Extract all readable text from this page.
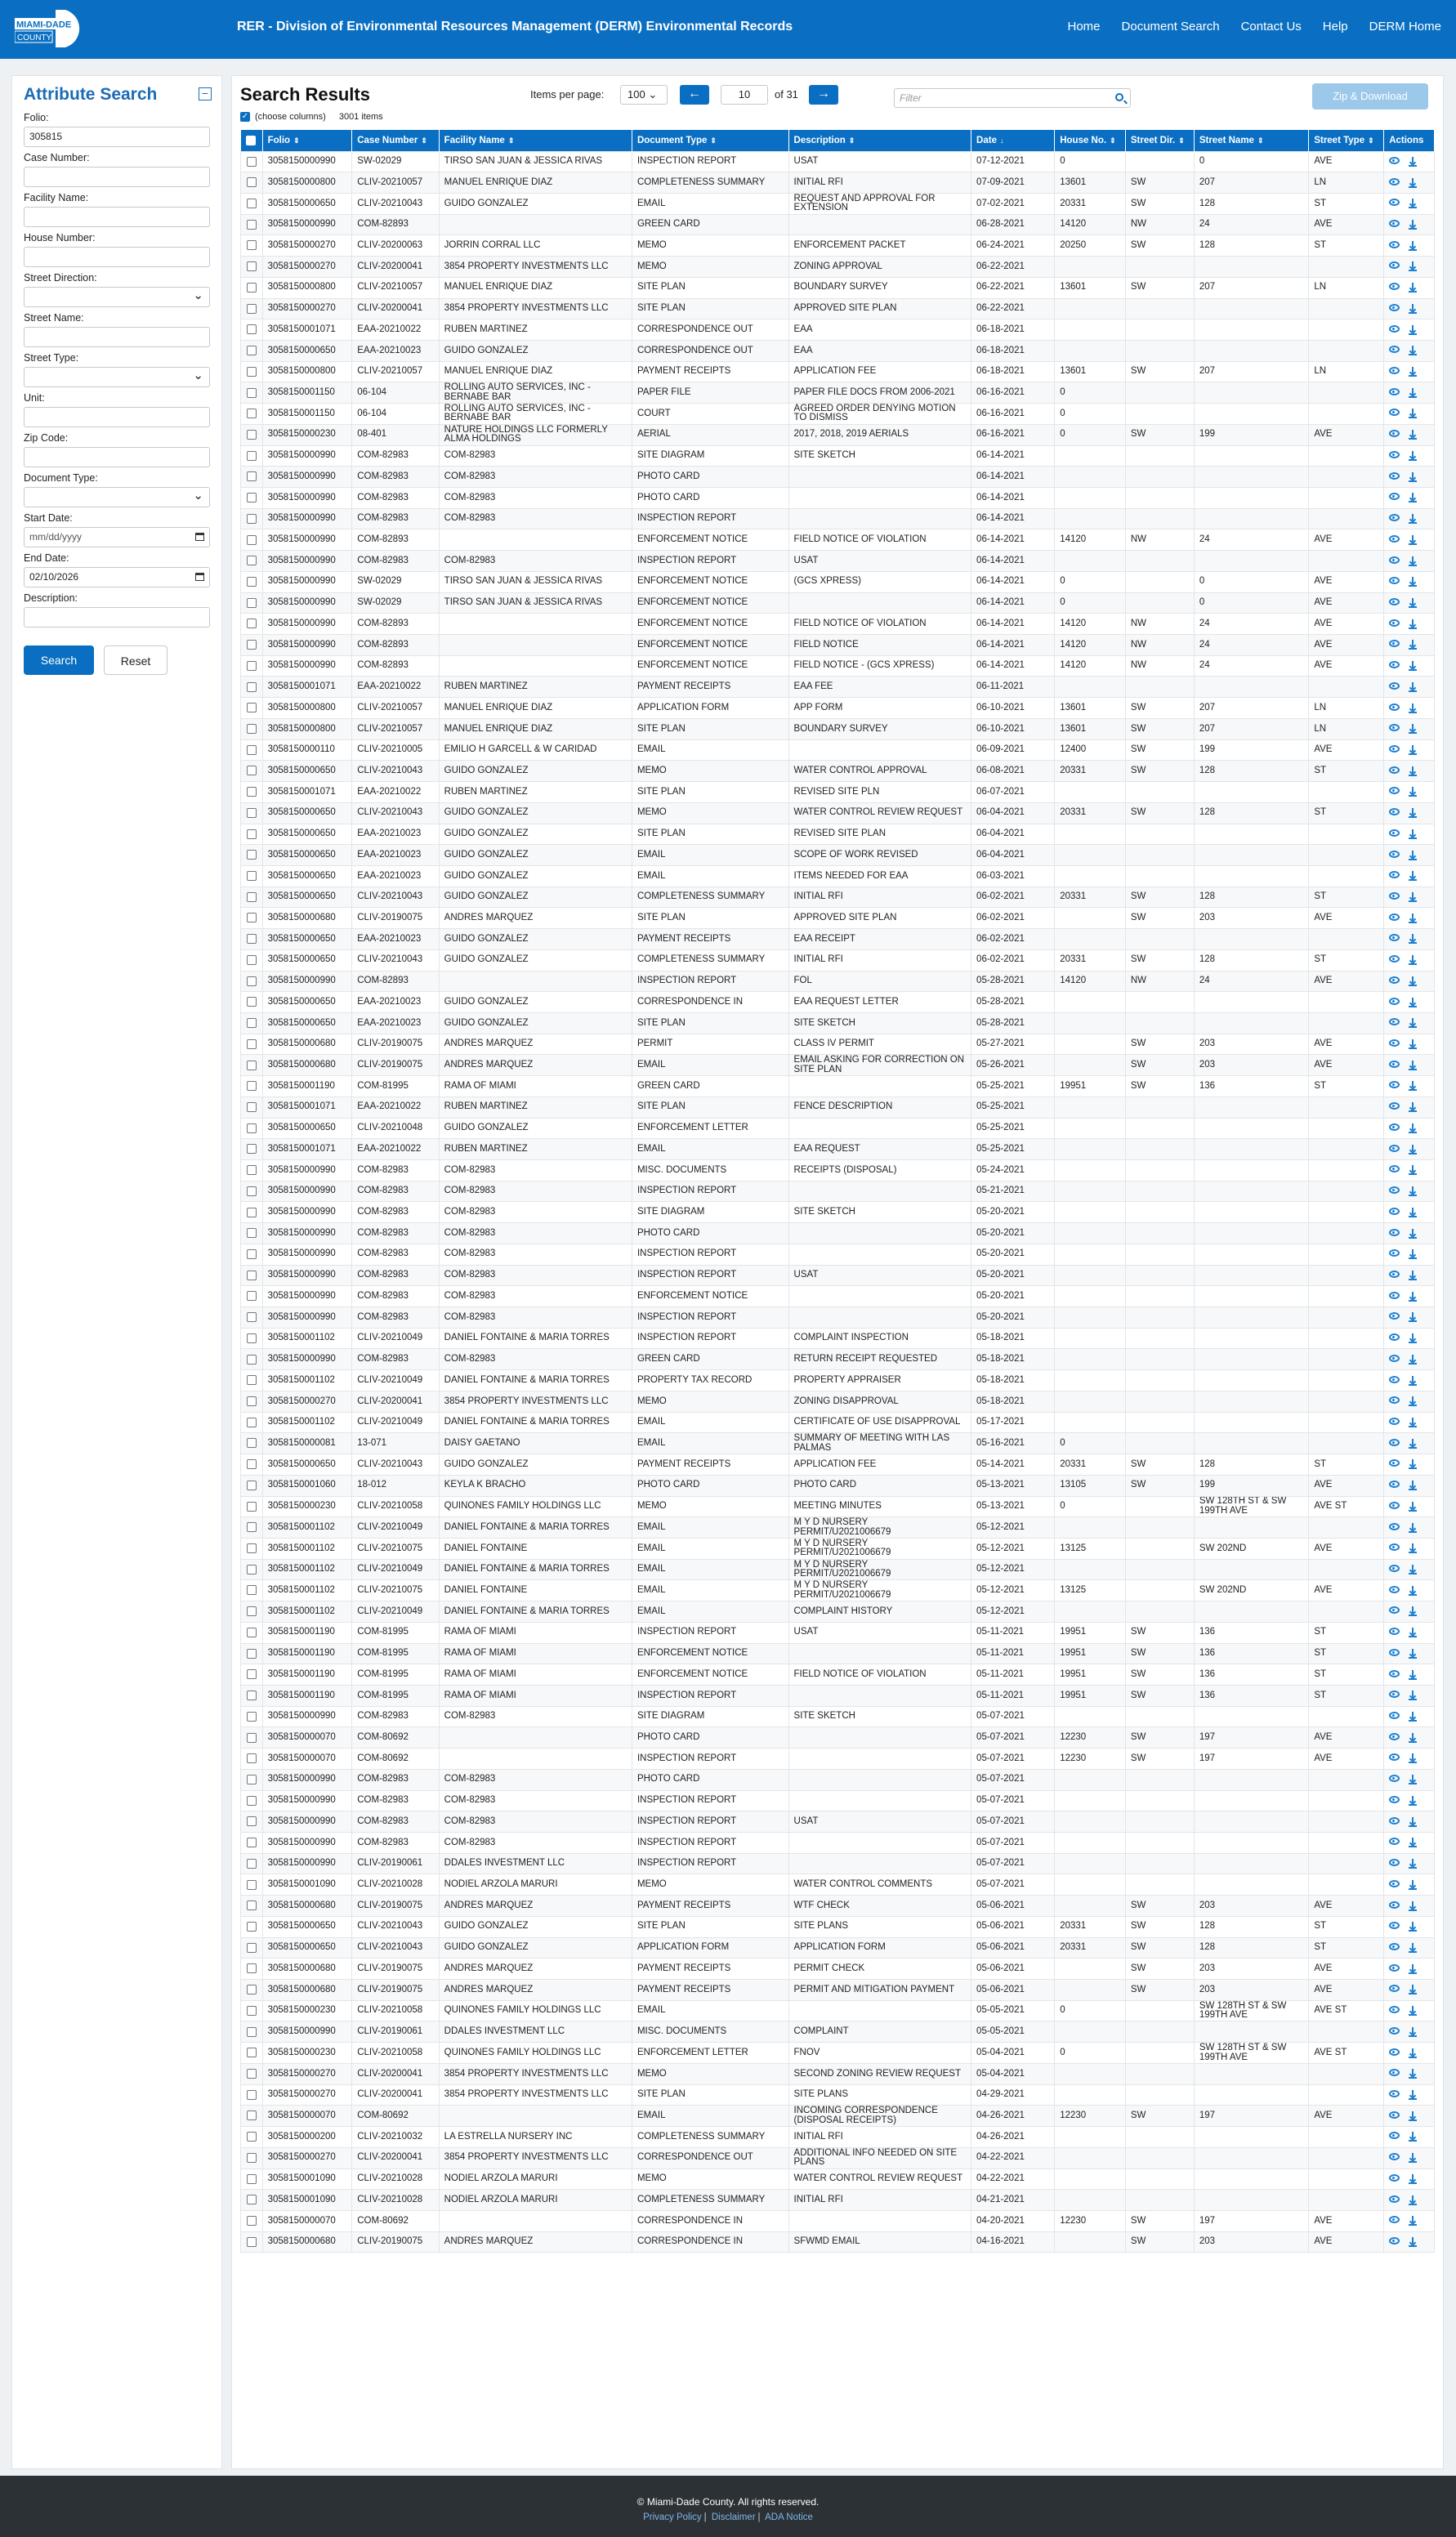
MIAMI-DADE
COUNTY
RER - Division of Environmental Resources Management (DERM) Environmental Records	Home Document Search Contact Us Help DERM Home
Attribute Search	−
Folio:
305815
Case Number:
Facility Name:
House Number:
Street Direction:
⌄
Street Name:
Street Type:
⌄
Unit:
Zip Code:
Document Type:
⌄
Start Date:
mm/dd/yyyy
End Date:
02/10/2026
Description:
Search	Reset
Search Results
✓ (choose columns) 3001 items
Items per page:	100 ⌄	←	10	of 31	→	Filter	Zip & Download
	Folio ⇕	Case Number ⇕	Facility Name ⇕	Document Type ⇕	Description ⇕	Date ↓	House No. ⇕	Street Dir. ⇕	Street Name ⇕	Street Type ⇕	Actions
	3058150000990	SW-02029	TIRSO SAN JUAN & JESSICA RIVAS	INSPECTION REPORT	USAT	07-12-2021	0		0	AVE	

	3058150000800	CLIV-20210057	MANUEL ENRIQUE DIAZ	COMPLETENESS SUMMARY	INITIAL RFI	07-09-2021	13601	SW	207	LN	

	3058150000650	CLIV-20210043	GUIDO GONZALEZ	EMAIL	REQUEST AND APPROVAL FOR EXTENSION	07-02-2021	20331	SW	128	ST	

	3058150000990	COM-82893		GREEN CARD		06-28-2021	14120	NW	24	AVE	

	3058150000270	CLIV-20200063	JORRIN CORRAL LLC	MEMO	ENFORCEMENT PACKET	06-24-2021	20250	SW	128	ST	

	3058150000270	CLIV-20200041	3854 PROPERTY INVESTMENTS LLC	MEMO	ZONING APPROVAL	06-22-2021					

	3058150000800	CLIV-20210057	MANUEL ENRIQUE DIAZ	SITE PLAN	BOUNDARY SURVEY	06-22-2021	13601	SW	207	LN	

	3058150000270	CLIV-20200041	3854 PROPERTY INVESTMENTS LLC	SITE PLAN	APPROVED SITE PLAN	06-22-2021					

	3058150001071	EAA-20210022	RUBEN MARTINEZ	CORRESPONDENCE OUT	EAA	06-18-2021					

	3058150000650	EAA-20210023	GUIDO GONZALEZ	CORRESPONDENCE OUT	EAA	06-18-2021					

	3058150000800	CLIV-20210057	MANUEL ENRIQUE DIAZ	PAYMENT RECEIPTS	APPLICATION FEE	06-18-2021	13601	SW	207	LN	

	3058150001150	06-104	ROLLING AUTO SERVICES, INC - BERNABE BAR	PAPER FILE	PAPER FILE DOCS FROM 2006-2021	06-16-2021	0				

	3058150001150	06-104	ROLLING AUTO SERVICES, INC - BERNABE BAR	COURT	AGREED ORDER DENYING MOTION TO DISMISS	06-16-2021	0				

	3058150000230	08-401	NATURE HOLDINGS LLC FORMERLY ALMA HOLDINGS	AERIAL	2017, 2018, 2019 AERIALS	06-16-2021	0	SW	199	AVE	

	3058150000990	COM-82983	COM-82983	SITE DIAGRAM	SITE SKETCH	06-14-2021					

	3058150000990	COM-82983	COM-82983	PHOTO CARD		06-14-2021					

	3058150000990	COM-82983	COM-82983	PHOTO CARD		06-14-2021					

	3058150000990	COM-82983	COM-82983	INSPECTION REPORT		06-14-2021					

	3058150000990	COM-82893		ENFORCEMENT NOTICE	FIELD NOTICE OF VIOLATION	06-14-2021	14120	NW	24	AVE	

	3058150000990	COM-82983	COM-82983	INSPECTION REPORT	USAT	06-14-2021					

	3058150000990	SW-02029	TIRSO SAN JUAN & JESSICA RIVAS	ENFORCEMENT NOTICE	(GCS XPRESS)	06-14-2021	0		0	AVE	

	3058150000990	SW-02029	TIRSO SAN JUAN & JESSICA RIVAS	ENFORCEMENT NOTICE		06-14-2021	0		0	AVE	

	3058150000990	COM-82893		ENFORCEMENT NOTICE	FIELD NOTICE OF VIOLATION	06-14-2021	14120	NW	24	AVE	

	3058150000990	COM-82893		ENFORCEMENT NOTICE	FIELD NOTICE	06-14-2021	14120	NW	24	AVE	

	3058150000990	COM-82893		ENFORCEMENT NOTICE	FIELD NOTICE - (GCS XPRESS)	06-14-2021	14120	NW	24	AVE	

	3058150001071	EAA-20210022	RUBEN MARTINEZ	PAYMENT RECEIPTS	EAA FEE	06-11-2021					

	3058150000800	CLIV-20210057	MANUEL ENRIQUE DIAZ	APPLICATION FORM	APP FORM	06-10-2021	13601	SW	207	LN	

	3058150000800	CLIV-20210057	MANUEL ENRIQUE DIAZ	SITE PLAN	BOUNDARY SURVEY	06-10-2021	13601	SW	207	LN	

	3058150000110	CLIV-20210005	EMILIO H GARCELL & W CARIDAD	EMAIL		06-09-2021	12400	SW	199	AVE	

	3058150000650	CLIV-20210043	GUIDO GONZALEZ	MEMO	WATER CONTROL APPROVAL	06-08-2021	20331	SW	128	ST	

	3058150001071	EAA-20210022	RUBEN MARTINEZ	SITE PLAN	REVISED SITE PLN	06-07-2021					

	3058150000650	CLIV-20210043	GUIDO GONZALEZ	MEMO	WATER CONTROL REVIEW REQUEST	06-04-2021	20331	SW	128	ST	

	3058150000650	EAA-20210023	GUIDO GONZALEZ	SITE PLAN	REVISED SITE PLAN	06-04-2021					

	3058150000650	EAA-20210023	GUIDO GONZALEZ	EMAIL	SCOPE OF WORK REVISED	06-04-2021					

	3058150000650	EAA-20210023	GUIDO GONZALEZ	EMAIL	ITEMS NEEDED FOR EAA	06-03-2021					

	3058150000650	CLIV-20210043	GUIDO GONZALEZ	COMPLETENESS SUMMARY	INITIAL RFI	06-02-2021	20331	SW	128	ST	

	3058150000680	CLIV-20190075	ANDRES MARQUEZ	SITE PLAN	APPROVED SITE PLAN	06-02-2021		SW	203	AVE	

	3058150000650	EAA-20210023	GUIDO GONZALEZ	PAYMENT RECEIPTS	EAA RECEIPT	06-02-2021					

	3058150000650	CLIV-20210043	GUIDO GONZALEZ	COMPLETENESS SUMMARY	INITIAL RFI	06-02-2021	20331	SW	128	ST	

	3058150000990	COM-82893		INSPECTION REPORT	FOL	05-28-2021	14120	NW	24	AVE	

	3058150000650	EAA-20210023	GUIDO GONZALEZ	CORRESPONDENCE IN	EAA REQUEST LETTER	05-28-2021					

	3058150000650	EAA-20210023	GUIDO GONZALEZ	SITE PLAN	SITE SKETCH	05-28-2021					

	3058150000680	CLIV-20190075	ANDRES MARQUEZ	PERMIT	CLASS IV PERMIT	05-27-2021		SW	203	AVE	

	3058150000680	CLIV-20190075	ANDRES MARQUEZ	EMAIL	EMAIL ASKING FOR CORRECTION ON SITE PLAN	05-26-2021		SW	203	AVE	

	3058150001190	COM-81995	RAMA OF MIAMI	GREEN CARD		05-25-2021	19951	SW	136	ST	

	3058150001071	EAA-20210022	RUBEN MARTINEZ	SITE PLAN	FENCE DESCRIPTION	05-25-2021					

	3058150000650	CLIV-20210048	GUIDO GONZALEZ	ENFORCEMENT LETTER		05-25-2021					

	3058150001071	EAA-20210022	RUBEN MARTINEZ	EMAIL	EAA REQUEST	05-25-2021					

	3058150000990	COM-82983	COM-82983	MISC. DOCUMENTS	RECEIPTS (DISPOSAL)	05-24-2021					

	3058150000990	COM-82983	COM-82983	INSPECTION REPORT		05-21-2021					

	3058150000990	COM-82983	COM-82983	SITE DIAGRAM	SITE SKETCH	05-20-2021					

	3058150000990	COM-82983	COM-82983	PHOTO CARD		05-20-2021					

	3058150000990	COM-82983	COM-82983	INSPECTION REPORT		05-20-2021					

	3058150000990	COM-82983	COM-82983	INSPECTION REPORT	USAT	05-20-2021					

	3058150000990	COM-82983	COM-82983	ENFORCEMENT NOTICE		05-20-2021					

	3058150000990	COM-82983	COM-82983	INSPECTION REPORT		05-20-2021					

	3058150001102	CLIV-20210049	DANIEL FONTAINE & MARIA TORRES	INSPECTION REPORT	COMPLAINT INSPECTION	05-18-2021					

	3058150000990	COM-82983	COM-82983	GREEN CARD	RETURN RECEIPT REQUESTED	05-18-2021					

	3058150001102	CLIV-20210049	DANIEL FONTAINE & MARIA TORRES	PROPERTY TAX RECORD	PROPERTY APPRAISER	05-18-2021					

	3058150000270	CLIV-20200041	3854 PROPERTY INVESTMENTS LLC	MEMO	ZONING DISAPPROVAL	05-18-2021					

	3058150001102	CLIV-20210049	DANIEL FONTAINE & MARIA TORRES	EMAIL	CERTIFICATE OF USE DISAPPROVAL	05-17-2021					

	3058150000081	13-071	DAISY GAETANO	EMAIL	SUMMARY OF MEETING WITH LAS PALMAS	05-16-2021	0				

	3058150000650	CLIV-20210043	GUIDO GONZALEZ	PAYMENT RECEIPTS	APPLICATION FEE	05-14-2021	20331	SW	128	ST	

	3058150001060	18-012	KEYLA K BRACHO	PHOTO CARD	PHOTO CARD	05-13-2021	13105	SW	199	AVE	

	3058150000230	CLIV-20210058	QUINONES FAMILY HOLDINGS LLC	MEMO	MEETING MINUTES	05-13-2021	0		SW 128TH ST & SW 199TH AVE	AVE ST	

	3058150001102	CLIV-20210049	DANIEL FONTAINE & MARIA TORRES	EMAIL	M Y D NURSERY PERMIT/U2021006679	05-12-2021					

	3058150001102	CLIV-20210075	DANIEL FONTAINE	EMAIL	M Y D NURSERY PERMIT/U2021006679	05-12-2021	13125		SW 202ND	AVE	

	3058150001102	CLIV-20210049	DANIEL FONTAINE & MARIA TORRES	EMAIL	M Y D NURSERY PERMIT/U2021006679	05-12-2021					

	3058150001102	CLIV-20210075	DANIEL FONTAINE	EMAIL	M Y D NURSERY PERMIT/U2021006679	05-12-2021	13125		SW 202ND	AVE	

	3058150001102	CLIV-20210049	DANIEL FONTAINE & MARIA TORRES	EMAIL	COMPLAINT HISTORY	05-12-2021					

	3058150001190	COM-81995	RAMA OF MIAMI	INSPECTION REPORT	USAT	05-11-2021	19951	SW	136	ST	

	3058150001190	COM-81995	RAMA OF MIAMI	ENFORCEMENT NOTICE		05-11-2021	19951	SW	136	ST	

	3058150001190	COM-81995	RAMA OF MIAMI	ENFORCEMENT NOTICE	FIELD NOTICE OF VIOLATION	05-11-2021	19951	SW	136	ST	

	3058150001190	COM-81995	RAMA OF MIAMI	INSPECTION REPORT		05-11-2021	19951	SW	136	ST	

	3058150000990	COM-82983	COM-82983	SITE DIAGRAM	SITE SKETCH	05-07-2021					

	3058150000070	COM-80692		PHOTO CARD		05-07-2021	12230	SW	197	AVE	

	3058150000070	COM-80692		INSPECTION REPORT		05-07-2021	12230	SW	197	AVE	

	3058150000990	COM-82983	COM-82983	PHOTO CARD		05-07-2021					

	3058150000990	COM-82983	COM-82983	INSPECTION REPORT		05-07-2021					

	3058150000990	COM-82983	COM-82983	INSPECTION REPORT	USAT	05-07-2021					

	3058150000990	COM-82983	COM-82983	INSPECTION REPORT		05-07-2021					

	3058150000990	CLIV-20190061	DDALES INVESTMENT LLC	INSPECTION REPORT		05-07-2021					

	3058150001090	CLIV-20210028	NODIEL ARZOLA MARURI	MEMO	WATER CONTROL COMMENTS	05-07-2021					

	3058150000680	CLIV-20190075	ANDRES MARQUEZ	PAYMENT RECEIPTS	WTF CHECK	05-06-2021		SW	203	AVE	

	3058150000650	CLIV-20210043	GUIDO GONZALEZ	SITE PLAN	SITE PLANS	05-06-2021	20331	SW	128	ST	

	3058150000650	CLIV-20210043	GUIDO GONZALEZ	APPLICATION FORM	APPLICATION FORM	05-06-2021	20331	SW	128	ST	

	3058150000680	CLIV-20190075	ANDRES MARQUEZ	PAYMENT RECEIPTS	PERMIT CHECK	05-06-2021		SW	203	AVE	

	3058150000680	CLIV-20190075	ANDRES MARQUEZ	PAYMENT RECEIPTS	PERMIT AND MITIGATION PAYMENT	05-06-2021		SW	203	AVE	

	3058150000230	CLIV-20210058	QUINONES FAMILY HOLDINGS LLC	EMAIL		05-05-2021	0		SW 128TH ST & SW 199TH AVE	AVE ST	

	3058150000990	CLIV-20190061	DDALES INVESTMENT LLC	MISC. DOCUMENTS	COMPLAINT	05-05-2021					

	3058150000230	CLIV-20210058	QUINONES FAMILY HOLDINGS LLC	ENFORCEMENT LETTER	FNOV	05-04-2021	0		SW 128TH ST & SW 199TH AVE	AVE ST	

	3058150000270	CLIV-20200041	3854 PROPERTY INVESTMENTS LLC	MEMO	SECOND ZONING REVIEW REQUEST	05-04-2021					

	3058150000270	CLIV-20200041	3854 PROPERTY INVESTMENTS LLC	SITE PLAN	SITE PLANS	04-29-2021					

	3058150000070	COM-80692		EMAIL	INCOMING CORRESPONDENCE (DISPOSAL RECEIPTS)	04-26-2021	12230	SW	197	AVE	

	3058150000200	CLIV-20210032	LA ESTRELLA NURSERY INC	COMPLETENESS SUMMARY	INITIAL RFI	04-26-2021					

	3058150000270	CLIV-20200041	3854 PROPERTY INVESTMENTS LLC	CORRESPONDENCE OUT	ADDITIONAL INFO NEEDED ON SITE PLANS	04-22-2021					

	3058150001090	CLIV-20210028	NODIEL ARZOLA MARURI	MEMO	WATER CONTROL REVIEW REQUEST	04-22-2021					

	3058150001090	CLIV-20210028	NODIEL ARZOLA MARURI	COMPLETENESS SUMMARY	INITIAL RFI	04-21-2021					

	3058150000070	COM-80692		CORRESPONDENCE IN		04-20-2021	12230	SW	197	AVE	

	3058150000680	CLIV-20190075	ANDRES MARQUEZ	CORRESPONDENCE IN	SFWMD EMAIL	04-16-2021		SW	203	AVE	
© Miami-Dade County. All rights reserved.
Privacy Policy | Disclaimer | ADA Notice
